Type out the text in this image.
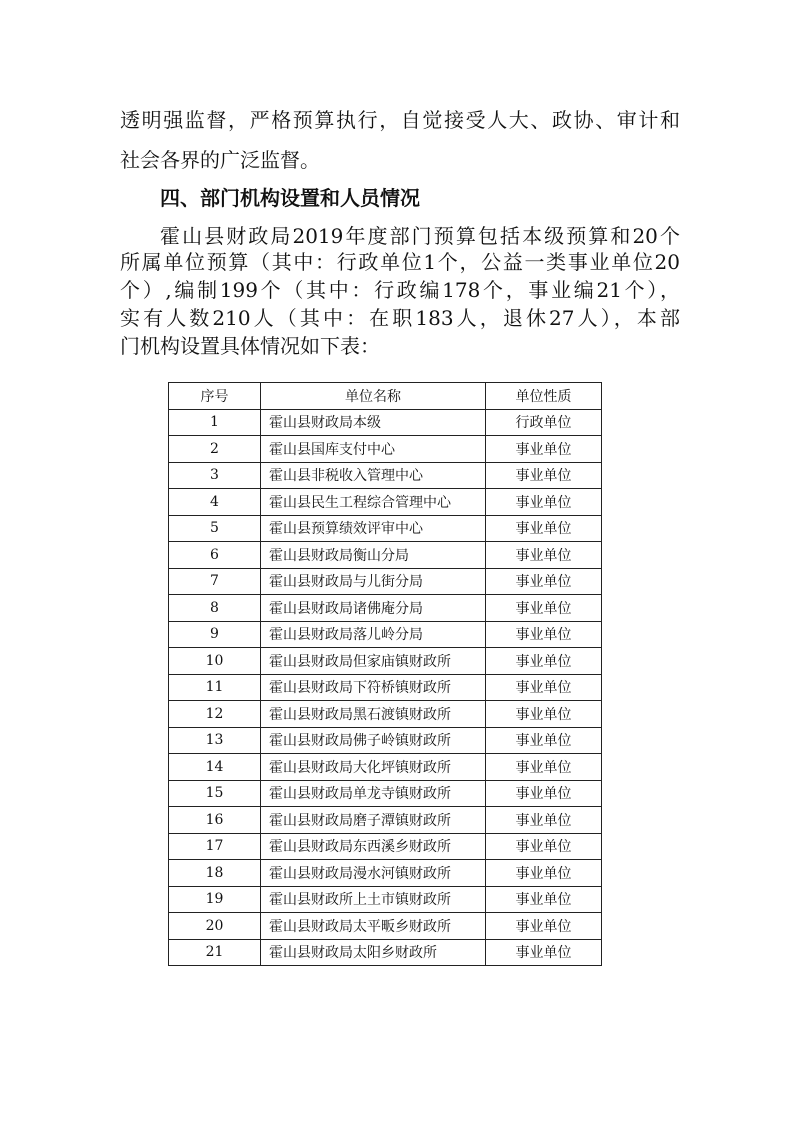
透明强监督，严格预算执行，自觉接受人大、政协、审计和
社会各界的广泛监督。
四、部门机构设置和人员情况
霍山县财政局2019年度部门预算包括本级预算和20个
所属单位预算（其中：行政单位1个，公益一类事业单位20
个）,编制199个（其中：行政编178个，事业编21个），
实有人数210人（其中：在职183人，退休27人），本部
门机构设置具体情况如下表：
序号	单位名称	单位性质
1	霍山县财政局本级	行政单位
2	霍山县国库支付中心	事业单位
3	霍山县非税收入管理中心	事业单位
4	霍山县民生工程综合管理中心	事业单位
5	霍山县预算绩效评审中心	事业单位
6	霍山县财政局衡山分局	事业单位
7	霍山县财政局与儿街分局	事业单位
8	霍山县财政局诸佛庵分局	事业单位
9	霍山县财政局落儿岭分局	事业单位
10	霍山县财政局但家庙镇财政所	事业单位
11	霍山县财政局下符桥镇财政所	事业单位
12	霍山县财政局黑石渡镇财政所	事业单位
13	霍山县财政局佛子岭镇财政所	事业单位
14	霍山县财政局大化坪镇财政所	事业单位
15	霍山县财政局单龙寺镇财政所	事业单位
16	霍山县财政局磨子潭镇财政所	事业单位
17	霍山县财政局东西溪乡财政所	事业单位
18	霍山县财政局漫水河镇财政所	事业单位
19	霍山县财政所上土市镇财政所	事业单位
20	霍山县财政局太平畈乡财政所	事业单位
21	霍山县财政局太阳乡财政所	事业单位
